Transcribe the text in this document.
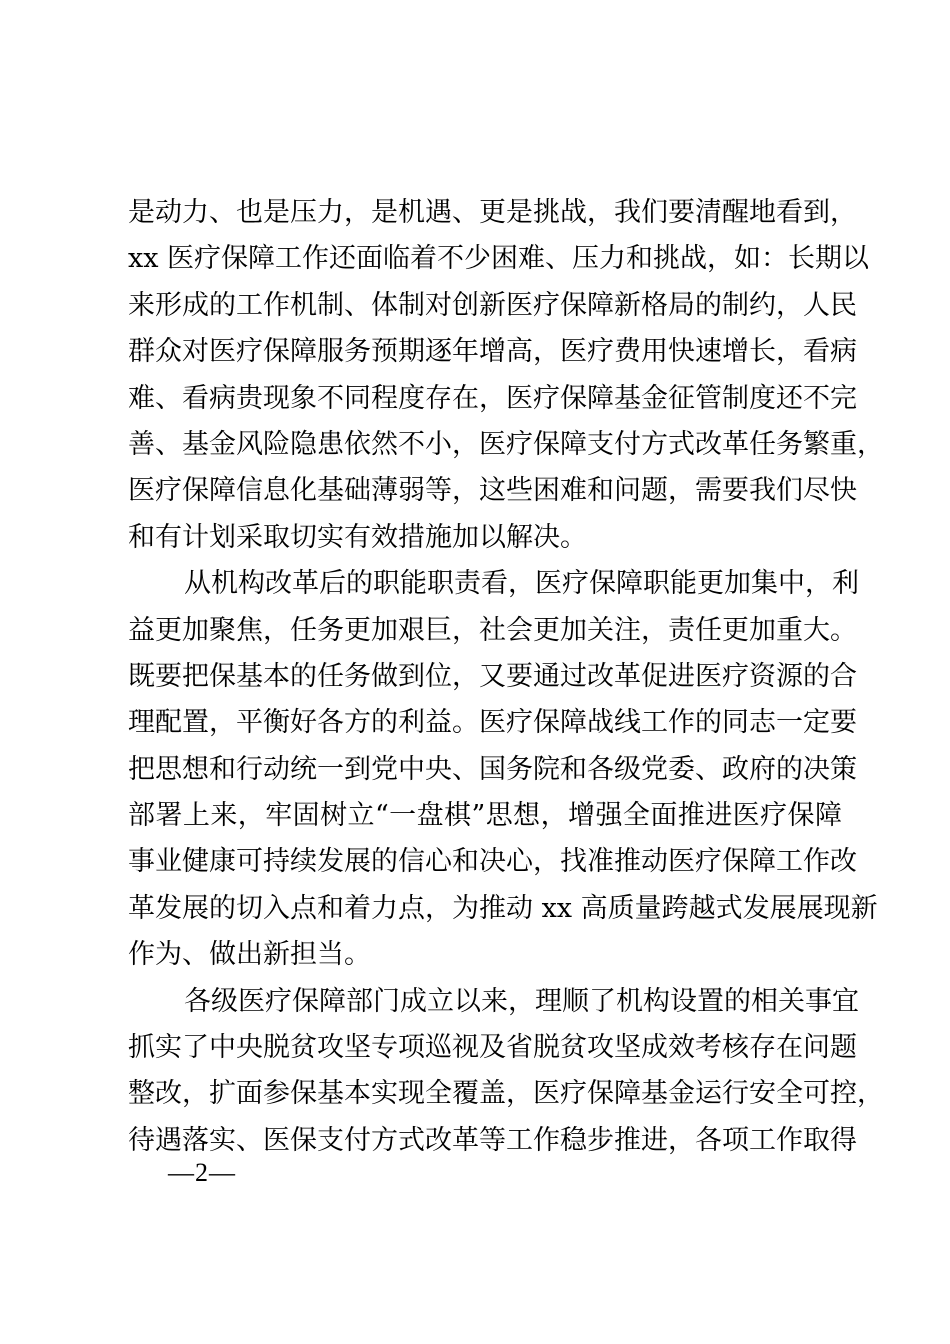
是动力、也是压力，是机遇、更是挑战，我们要清醒地看到，
xx 医疗保障工作还面临着不少困难、压力和挑战，如：长期以
来形成的工作机制、体制对创新医疗保障新格局的制约，人民
群众对医疗保障服务预期逐年增高，医疗费用快速增长，看病
难、看病贵现象不同程度存在，医疗保障基金征管制度还不完
善、基金风险隐患依然不小，医疗保障支付方式改革任务繁重，
医疗保障信息化基础薄弱等，这些困难和问题，需要我们尽快
和有计划采取切实有效措施加以解决。
从机构改革后的职能职责看，医疗保障职能更加集中，利
益更加聚焦，任务更加艰巨，社会更加关注，责任更加重大。
既要把保基本的任务做到位，又要通过改革促进医疗资源的合
理配置，平衡好各方的利益。医疗保障战线工作的同志一定要
把思想和行动统一到党中央、国务院和各级党委、政府的决策
部署上来，牢固树立“一盘棋”思想，增强全面推进医疗保障
事业健康可持续发展的信心和决心，找准推动医疗保障工作改
革发展的切入点和着力点，为推动 xx 高质量跨越式发展展现新
作为、做出新担当。
各级医疗保障部门成立以来，理顺了机构设置的相关事宜
抓实了中央脱贫攻坚专项巡视及省脱贫攻坚成效考核存在问题
整改，扩面参保基本实现全覆盖，医疗保障基金运行安全可控，
待遇落实、医保支付方式改革等工作稳步推进，各项工作取得
—2—
